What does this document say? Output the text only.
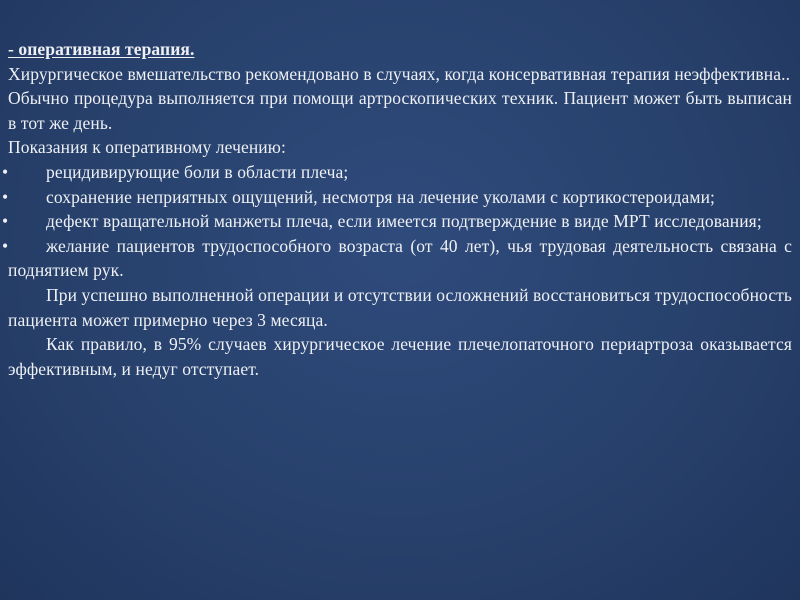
- оперативная терапия.

Хирургическое вмешательство рекомендовано в случаях, когда консервативная терапия неэффективна..

Обычно процедура выполняется при помощи артроскопических техник. Пациент может быть выписан в тот же день.

Показания к оперативному лечению:

•	рецидивирующие боли в области плеча;
•	сохранение неприятных ощущений, несмотря на лечение уколами с кортикостероидами;
•	дефект вращательной манжеты плеча, если имеется подтверждение в виде МРТ исследования;
•	желание пациентов трудоспособного возраста (от 40 лет), чья трудовая деятельность связана с поднятием рук.

При успешно выполненной операции и отсутствии осложнений восстановиться трудоспособность пациента может примерно через 3 месяца.

Как правило, в 95% случаев хирургическое лечение плечелопаточного периартроза оказывается эффективным, и недуг отступает.
